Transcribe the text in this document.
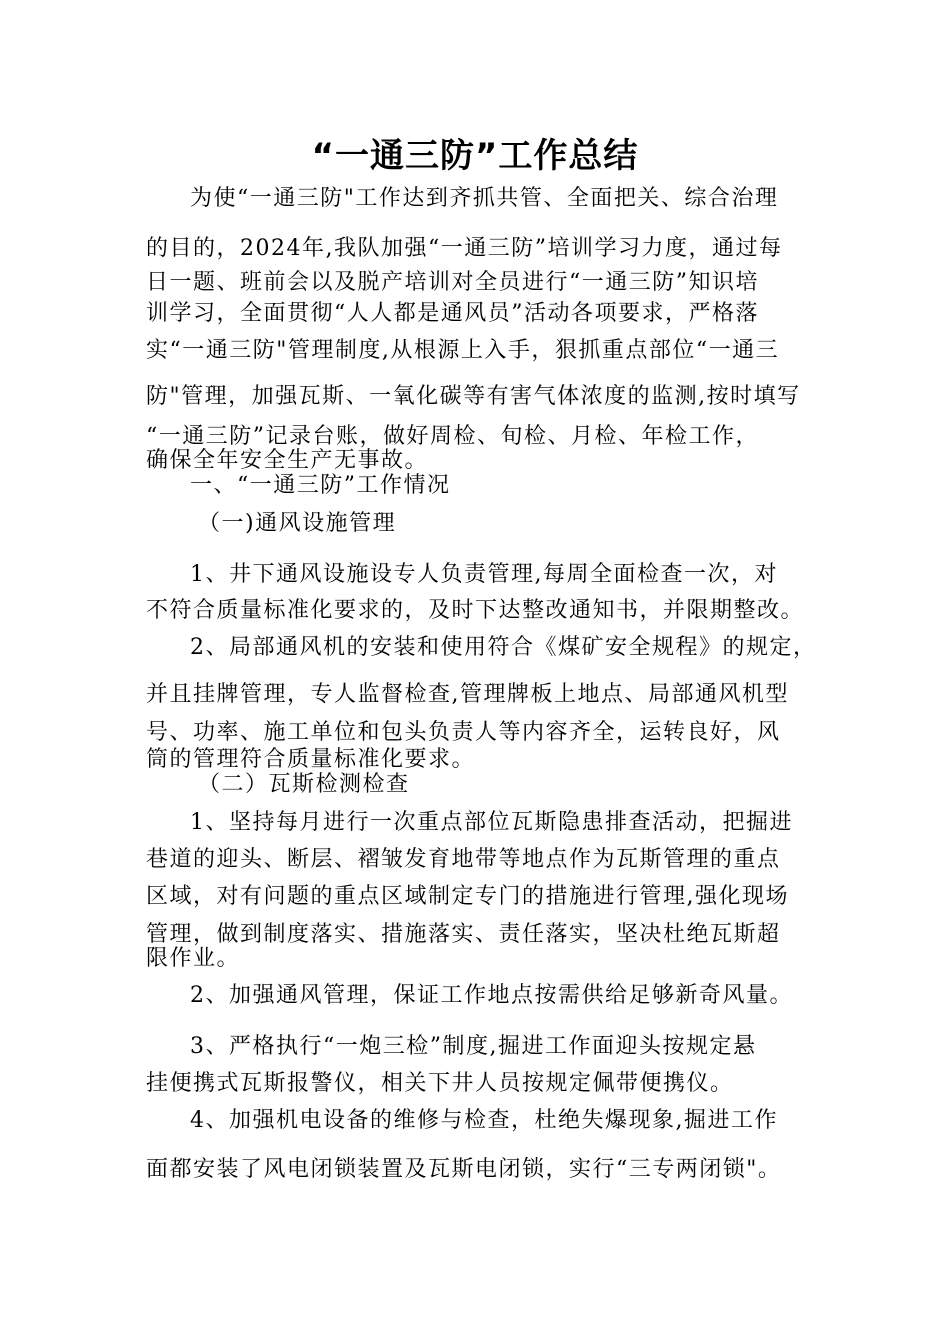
“一通三防”工作总结
为使“一通三防"工作达到齐抓共管、全面把关、综合治理
的目的，2024年,我队加强“一通三防”培训学习力度，通过每
日一题、班前会以及脱产培训对全员进行“一通三防”知识培
训学习，全面贯彻“人人都是通风员”活动各项要求，严格落
实“一通三防"管理制度,从根源上入手，狠抓重点部位“一通三
防"管理，加强瓦斯、一氧化碳等有害气体浓度的监测,按时填写
“一通三防”记录台账，做好周检、旬检、月检、年检工作，
确保全年安全生产无事故。
一、“一通三防”工作情况
（一)通风设施管理
1、井下通风设施设专人负责管理,每周全面检查一次，对
不符合质量标准化要求的，及时下达整改通知书，并限期整改。
2、局部通风机的安装和使用符合《煤矿安全规程》的规定，
并且挂牌管理，专人监督检查,管理牌板上地点、局部通风机型
号、功率、施工单位和包头负责人等内容齐全，运转良好，风
筒的管理符合质量标准化要求。
（二）瓦斯检测检查
1、坚持每月进行一次重点部位瓦斯隐患排查活动，把掘进
巷道的迎头、断层、褶皱发育地带等地点作为瓦斯管理的重点
区域，对有问题的重点区域制定专门的措施进行管理,强化现场
管理，做到制度落实、措施落实、责任落实，坚决杜绝瓦斯超
限作业。
2、加强通风管理，保证工作地点按需供给足够新奇风量。
3、严格执行“一炮三检”制度,掘进工作面迎头按规定悬
挂便携式瓦斯报警仪，相关下井人员按规定佩带便携仪。
4、加强机电设备的维修与检查，杜绝失爆现象,掘进工作
面都安装了风电闭锁装置及瓦斯电闭锁，实行“三专两闭锁"。
